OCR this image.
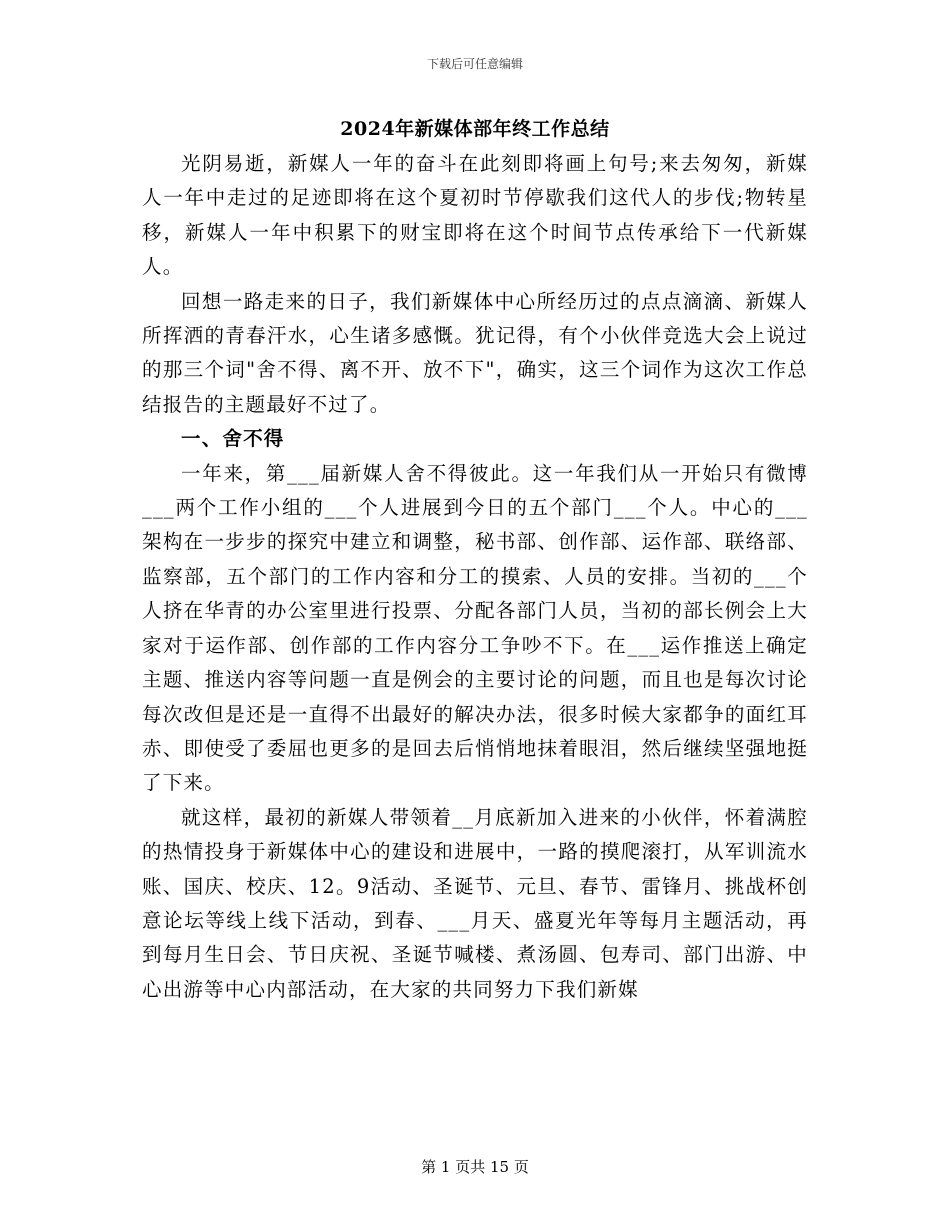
下载后可任意编辑
2024年新媒体部年终工作总结

光阴易逝，新媒人一年的奋斗在此刻即将画上句号;来去匆匆，新媒人一年中走过的足迹即将在这个夏初时节停歇我们这代人的步伐;物转星移，新媒人一年中积累下的财宝即将在这个时间节点传承给下一代新媒人。

回想一路走来的日子，我们新媒体中心所经历过的点点滴滴、新媒人所挥洒的青春汗水，心生诸多感慨。犹记得，有个小伙伴竞选大会上说过的那三个词"舍不得、离不开、放不下"，确实，这三个词作为这次工作总结报告的主题最好不过了。

一、舍不得

一年来，第___届新媒人舍不得彼此。这一年我们从一开始只有微博___两个工作小组的___个人进展到今日的五个部门___个人。中心的___架构在一步步的探究中建立和调整，秘书部、创作部、运作部、联络部、监察部，五个部门的工作内容和分工的摸索、人员的安排。当初的___个人挤在华青的办公室里进行投票、分配各部门人员，当初的部长例会上大家对于运作部、创作部的工作内容分工争吵不下。在___运作推送上确定主题、推送内容等问题一直是例会的主要讨论的问题，而且也是每次讨论每次改但是还是一直得不出最好的解决办法，很多时候大家都争的面红耳赤、即使受了委屈也更多的是回去后悄悄地抹着眼泪，然后继续坚强地挺了下来。

就这样，最初的新媒人带领着__月底新加入进来的小伙伴，怀着满腔的热情投身于新媒体中心的建设和进展中，一路的摸爬滚打，从军训流水账、国庆、校庆、12。9活动、圣诞节、元旦、春节、雷锋月、挑战杯创意论坛等线上线下活动，到春、___月天、盛夏光年等每月主题活动，再到每月生日会、节日庆祝、圣诞节喊楼、煮汤圆、包寿司、部门出游、中心出游等中心内部活动，在大家的共同努力下我们新媒

第 1 页共 15 页
